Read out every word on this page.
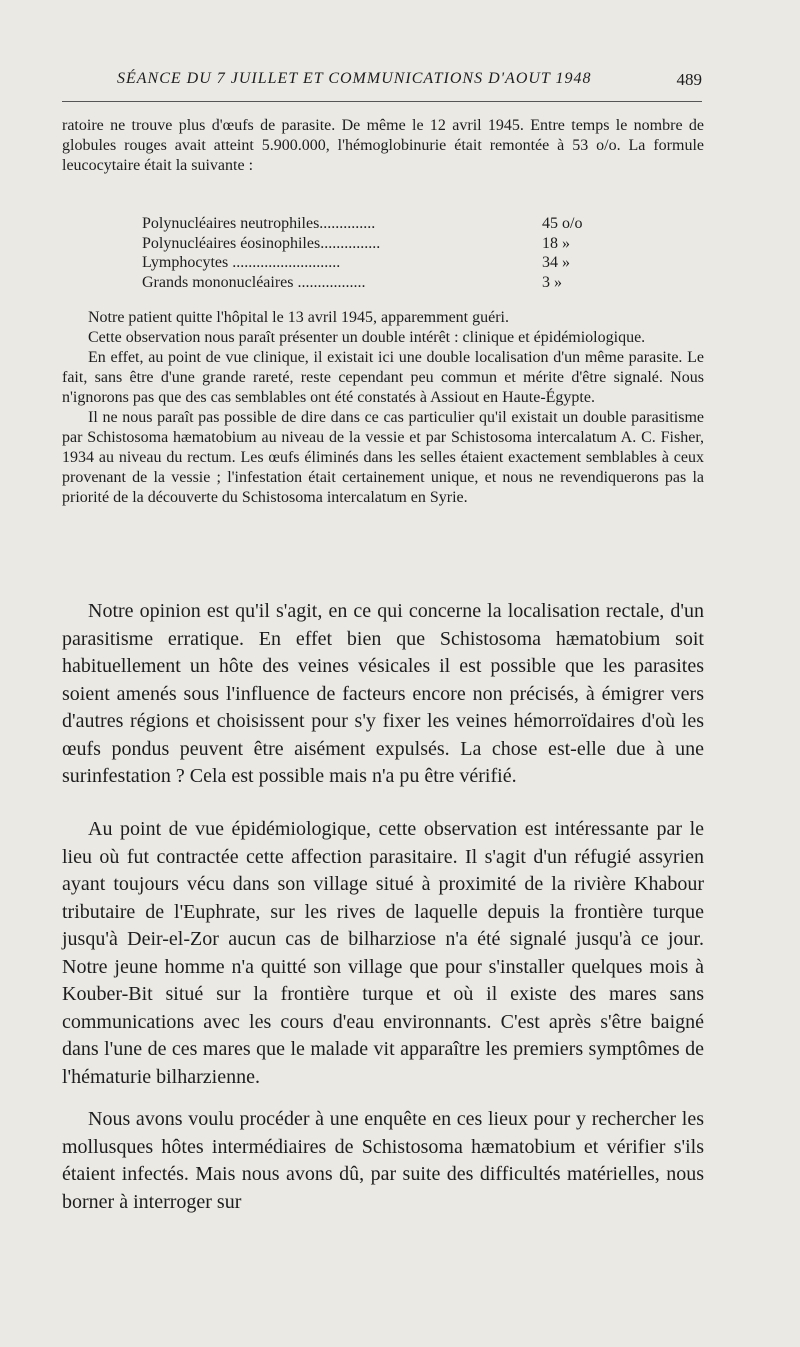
SÉANCE DU 7 JUILLET ET COMMUNICATIONS D'AOUT 1948	489

ratoire ne trouve plus d'œufs de parasite. De même le 12 avril 1945. Entre temps le nombre de globules rouges avait atteint 5.900.000, l'hémoglobinurie était remontée à 53 o/o. La formule leucocytaire était la suivante :

Polynucléaires neutrophiles..............	45 o/o
Polynucléaires éosinophiles...............	18 »
Lymphocytes ...........................	34 »
Grands mononucléaires .................	3 »

Notre patient quitte l'hôpital le 13 avril 1945, apparemment guéri.

Cette observation nous paraît présenter un double intérêt : clinique et épidémiologique.

En effet, au point de vue clinique, il existait ici une double localisation d'un même parasite. Le fait, sans être d'une grande rareté, reste cependant peu commun et mérite d'être signalé. Nous n'ignorons pas que des cas semblables ont été constatés à Assiout en Haute-Égypte.

Il ne nous paraît pas possible de dire dans ce cas particulier qu'il existait un double parasitisme par Schistosoma hæmatobium au niveau de la vessie et par Schistosoma intercalatum A. C. Fisher, 1934 au niveau du rectum. Les œufs éliminés dans les selles étaient exactement semblables à ceux provenant de la vessie ; l'infestation était certainement unique, et nous ne revendiquerons pas la priorité de la découverte du Schistosoma intercalatum en Syrie.

Notre opinion est qu'il s'agit, en ce qui concerne la localisation rectale, d'un parasitisme erratique. En effet bien que Schistosoma hæmatobium soit habituellement un hôte des veines vésicales il est possible que les parasites soient amenés sous l'influence de facteurs encore non précisés, à émigrer vers d'autres régions et choisissent pour s'y fixer les veines hémorroïdaires d'où les œufs pondus peuvent être aisément expulsés. La chose est-elle due à une surinfestation ? Cela est possible mais n'a pu être vérifié.

Au point de vue épidémiologique, cette observation est intéressante par le lieu où fut contractée cette affection parasitaire. Il s'agit d'un réfugié assyrien ayant toujours vécu dans son village situé à proximité de la rivière Khabour tributaire de l'Euphrate, sur les rives de laquelle depuis la frontière turque jusqu'à Deir-el-Zor aucun cas de bilharziose n'a été signalé jusqu'à ce jour. Notre jeune homme n'a quitté son village que pour s'installer quelques mois à Kouber-Bit situé sur la frontière turque et où il existe des mares sans communications avec les cours d'eau environnants. C'est après s'être baigné dans l'une de ces mares que le malade vit apparaître les premiers symptômes de l'hématurie bilharzienne.

Nous avons voulu procéder à une enquête en ces lieux pour y rechercher les mollusques hôtes intermédiaires de Schistosoma hæmatobium et vérifier s'ils étaient infectés. Mais nous avons dû, par suite des difficultés matérielles, nous borner à interroger sur
